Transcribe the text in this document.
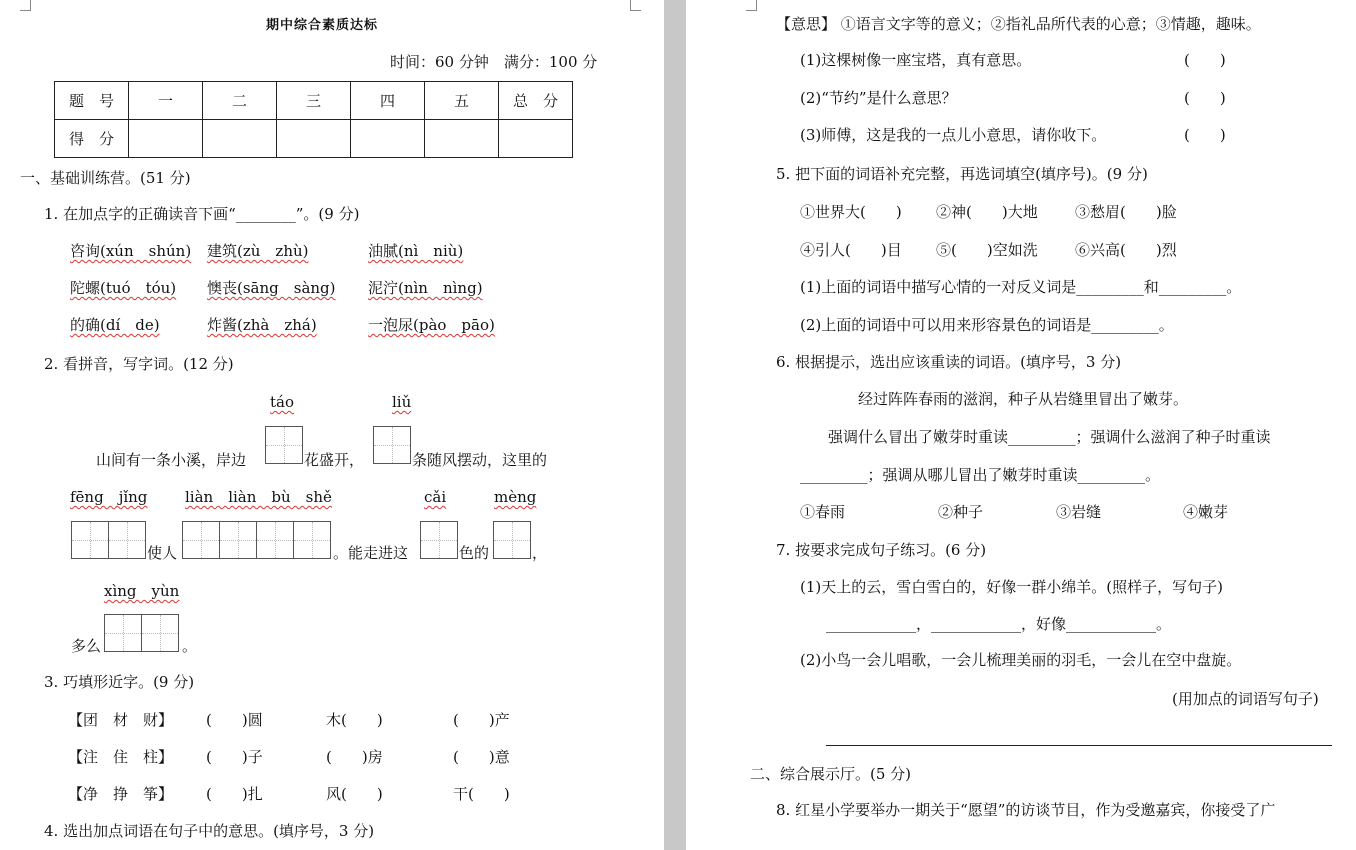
期中综合素质达标
时间：60 分钟　满分：100 分
题　号	一	二	三	四	五	总　分
得　分						
一、基础训练营。(51 分)
1. 在加点字的正确读音下画“________”。(9 分)
咨询(xún　shún) 建筑(zù　zhù)	油腻(nì　niù)
陀螺(tuó　tóu) 懊丧(sāng　sàng) 泥泞(nìn　nìng)
的确(dí　de)	炸酱(zhà　zhá)	一泡尿(pào　pāo)
2. 看拼音，写字词。(12 分)
táo	liǔ
山间有一条小溪，岸边	花盛开，	条随风摆动，这里的
fēng　jǐng	liàn　liàn　bù　shě	cǎi	mèng
使人	。能走进这	色的	，
xìng　yùn
多么	。
3. 巧填形近字。(9 分)
【团　材　财】 (　　)圆	木(　　)	(　　)产
【注　住　柱】 (　　)子	(　　)房	(　　)意
【净　挣　筝】 (　　)扎	风(　　)	干(　　)
4. 选出加点词语在句子中的意思。(填序号，3 分)
【意思】 ①语言文字等的意义；②指礼品所代表的心意；③情趣，趣味。
(1)这棵树像一座宝塔，真有意思。	(　　)
(2)“节约”是什么意思？	(　　)
(3)师傅，这是我的一点儿小意思，请你收下。	(　　)
5. 把下面的词语补充完整，再选词填空(填序号)。(9 分)
①世界大(　　) ②神(　　)大地 ③愁眉(　　)脸
④引人(　　)目 ⑤(　　)空如洗 ⑥兴高(　　)烈
(1)上面的词语中描写心情的一对反义词是_________和_________。
(2)上面的词语中可以用来形容景色的词语是_________。
6. 根据提示，选出应该重读的词语。(填序号，3 分)
经过阵阵春雨的滋润，种子从岩缝里冒出了嫩芽。
强调什么冒出了嫩芽时重读_________；强调什么滋润了种子时重读
_________；强调从哪儿冒出了嫩芽时重读_________。
①春雨	②种子	③岩缝	④嫩芽
7. 按要求完成句子练习。(6 分)
(1)天上的云，雪白雪白的，好像一群小绵羊。(照样子，写句子)
____________，____________，好像____________。
(2)小鸟一会儿唱歌，一会儿梳理美丽的羽毛，一会儿在空中盘旋。
(用加点的词语写句子)
二、综合展示厅。(5 分)
8. 红星小学要举办一期关于“愿望”的访谈节目，作为受邀嘉宾，你接受了广
